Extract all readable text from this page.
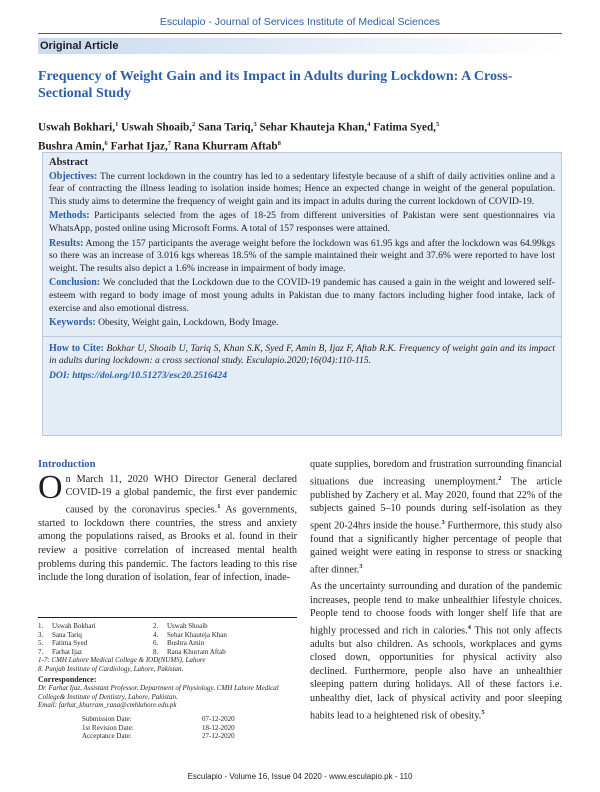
Esculapio - Journal of Services Institute of Medical Sciences
Original Article
Frequency of Weight Gain and its Impact in Adults during Lockdown: A Cross-Sectional Study
Uswah Bokhari,$^1$ Uswah Shoaib,$^2$ Sana Tariq,$^3$ Sehar Khauteja Khan,$^4$ Fatima Syed,$^5$
Bushra Amin,$^6$ Farhat Ijaz,$^7$ Rana Khurram Aftab$^8$
Abstract
Objectives: The current lockdown in the country has led to a sedentary lifestyle because of a shift of daily activities online and a fear of contracting the illness leading to isolation inside homes; Hence an expected change in weight of the general population. This study aims to determine the frequency of weight gain and its impact in adults during the current lockdown of COVID-19.
Methods: Participants selected from the ages of 18-25 from different universities of Pakistan were sent questionnaires via WhatsApp, posted online using Microsoft Forms. A total of 157 responses were attained.
Results: Among the 157 participants the average weight before the lockdown was 61.95 kgs and after the lockdown was 64.99kgs so there was an increase of 3.016 kgs whereas 18.5% of the sample maintained their weight and 37.6% were reported to have lost weight. The results also depict a 1.6% increase in impairment of body image.
Conclusion: We concluded that the Lockdown due to the COVID-19 pandemic has caused a gain in the weight and lowered self-esteem with regard to body image of most young adults in Pakistan due to many factors including higher food intake, lack of exercise and also emotional distress.
Keywords: Obesity, Weight gain, Lockdown, Body Image.
How to Cite: Bokhar U, Shoaib U, Tariq S, Khan S.K, Syed F, Amin B, Ijaz F, Aftab R.K. Frequency of weight gain and its impact in adults during lockdown: a cross sectional study. Esculapio.2020;16(04):110-115.
DOI: https://doi.org/10.51273/esc20.2516424
Introduction

On March 11, 2020 WHO Director General declared COVID-19 a global pandemic, the first ever pandemic caused by the coronavirus species.$^1$ As governments, started to lockdown there countries, the stress and anxiety among the populations raised, as Brooks et al. found in their review a positive correlation of increased mental health problems during this pandemic. The factors leading to this rise include the long duration of isolation, fear of infection, inade-

quate supplies, boredom and frustration surrounding financial situations due increasing unemployment.$^2$ The article published by Zachery et al. May 2020, found that 22% of the subjects gained 5–10 pounds during self-isolation as they spent 20-24hrs inside the house.$^3$ Furthermore, this study also found that a significantly higher percentage of people that gained weight were eating in response to stress or snacking after dinner.$^3$

As the uncertainty surrounding and duration of the pandemic increases, people tend to make unhealthier lifestyle choices. People tend to choose foods with longer shelf life that are highly processed and rich in calories.$^4$ This not only affects adults but also children. As schools, workplaces and gyms closed down, opportunities for physical activity also declined. Furthermore, people also have an unhealthier sleeping pattern during holidays. All of these factors i.e. unhealthy diet, lack of physical activity and poor sleeping habits lead to a heightened risk of obesity.$^5$

1. Uswah Bokhari	2. Uswah Shoaib
3. Sana Tariq	4. Sehar Khauteja Khan
5. Fatima Syed	6. Bushra Amin
7. Farhat Ijaz	8. Rana Khurram Aftab
1-7: CMH Lahore Medical College & IOD(NUMS), Lahore
8. Punjab Institute of Cardiology, Lahore, Pakistan.
Correspondence:
Dr. Farhat Ijaz, Assistant Professor, Department of Physiology, CMH Lahore Medical College& Institute of Dentistry, Lahore, Pakistan.
Email: farhat_khurram_rana@cmhlahore.edu.pk
Submission Date:	07-12-2020
1st Revision Date:	18-12-2020
Acceptance Date:	27-12-2020
Esculapio - Volume 16, Issue 04 2020 - www.esculapio.pk - 110
